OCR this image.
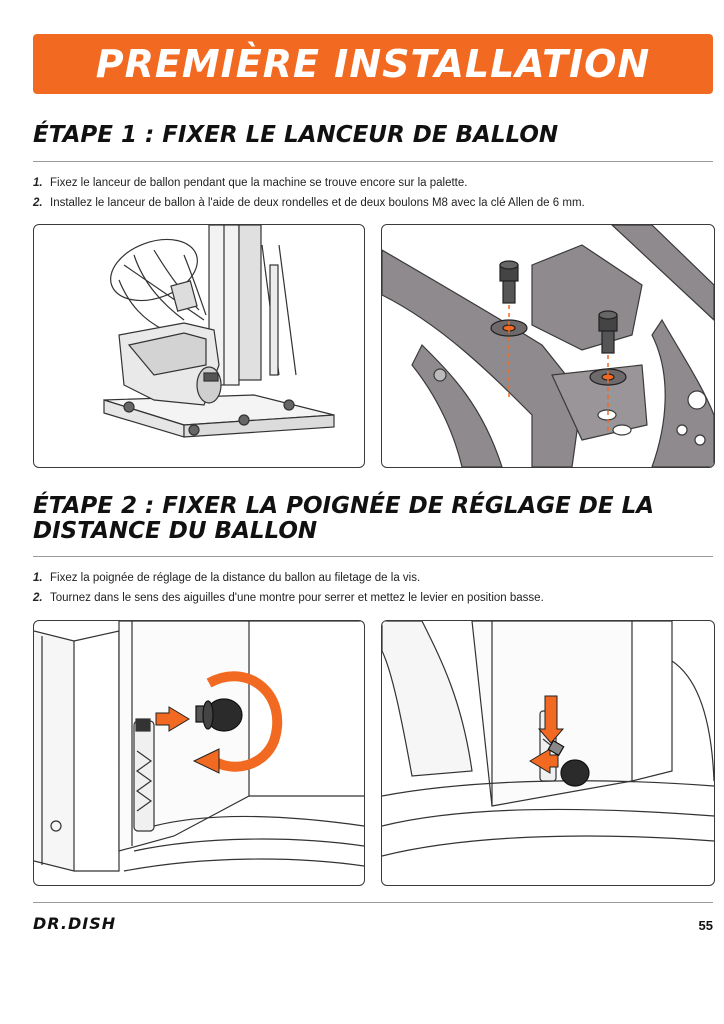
PREMIÈRE INSTALLATION
ÉTAPE 1 : FIXER LE LANCEUR DE BALLON
1. Fixez le lanceur de ballon pendant que la machine se trouve encore sur la palette.
2. Installez le lanceur de ballon à l'aide de deux rondelles et de deux boulons M8 avec la clé Allen de 6 mm.
ÉTAPE 2 : FIXER LA POIGNÉE DE RÉGLAGE DE LA
DISTANCE DU BALLON
1. Fixez la poignée de réglage de la distance du ballon au filetage de la vis.
2. Tournez dans le sens des aiguilles d'une montre pour serrer et mettez le levier en position basse.
DR.DISH	55
